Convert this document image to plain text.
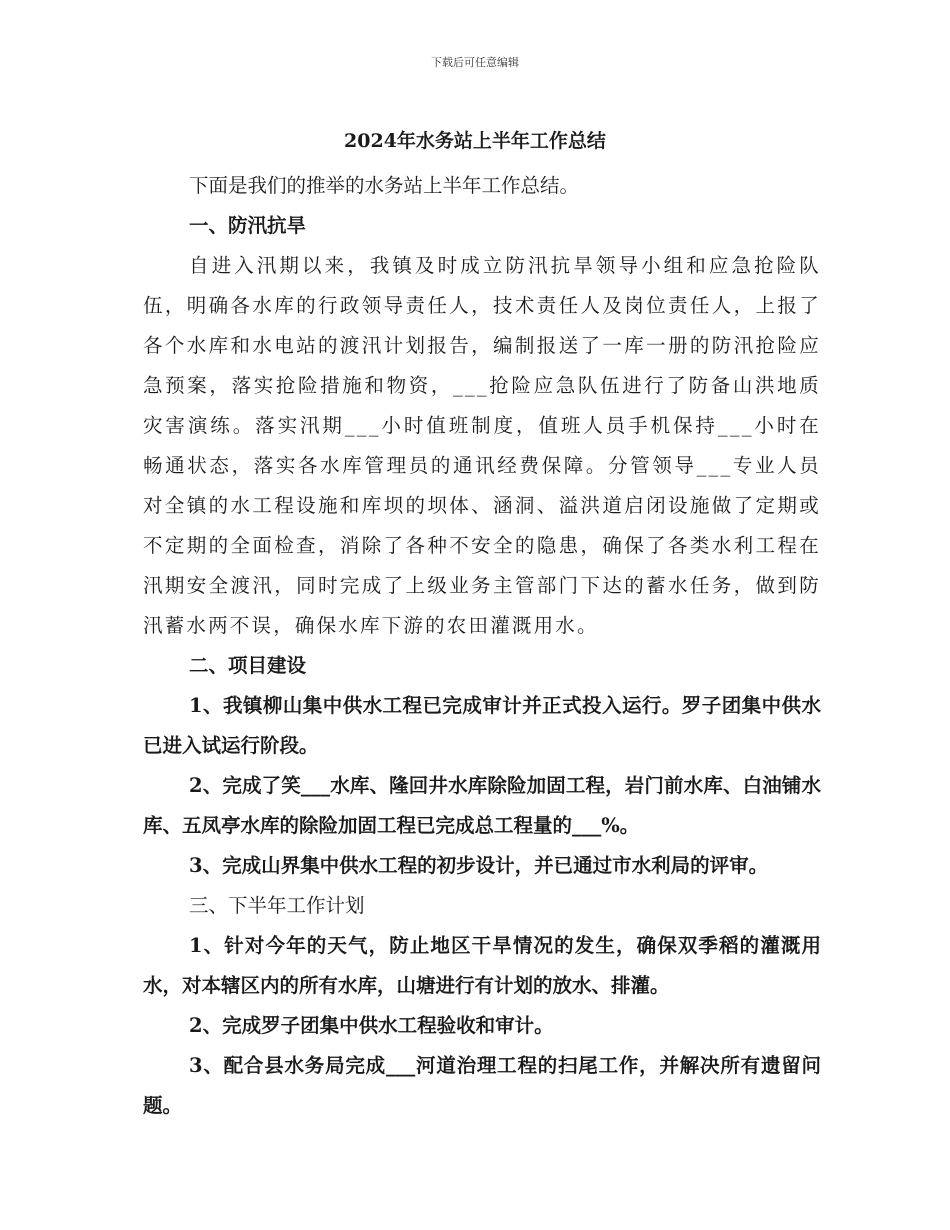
下载后可任意编辑
2024年水务站上半年工作总结

下面是我们的推举的水务站上半年工作总结。

一、防汛抗旱

自进入汛期以来，我镇及时成立防汛抗旱领导小组和应急抢险队伍，明确各水库的行政领导责任人，技术责任人及岗位责任人，上报了各个水库和水电站的渡汛计划报告，编制报送了一库一册的防汛抢险应急预案，落实抢险措施和物资，___抢险应急队伍进行了防备山洪地质灾害演练。落实汛期___小时值班制度，值班人员手机保持___小时在畅通状态，落实各水库管理员的通讯经费保障。分管领导___专业人员对全镇的水工程设施和库坝的坝体、涵洞、溢洪道启闭设施做了定期或不定期的全面检查，消除了各种不安全的隐患，确保了各类水利工程在汛期安全渡汛，同时完成了上级业务主管部门下达的蓄水任务，做到防汛蓄水两不误，确保水库下游的农田灌溉用水。

二、项目建设

1、我镇柳山集中供水工程已完成审计并正式投入运行。罗子团集中供水已进入试运行阶段。

2、完成了笑___水库、隆回井水库除险加固工程，岩门前水库、白油铺水库、五凤亭水库的除险加固工程已完成总工程量的___%。

3、完成山界集中供水工程的初步设计，并已通过市水利局的评审。

三、下半年工作计划

1、针对今年的天气，防止地区干旱情况的发生，确保双季稻的灌溉用水，对本辖区内的所有水库，山塘进行有计划的放水、排灌。

2、完成罗子团集中供水工程验收和审计。

3、配合县水务局完成___河道治理工程的扫尾工作，并解决所有遗留问题。
